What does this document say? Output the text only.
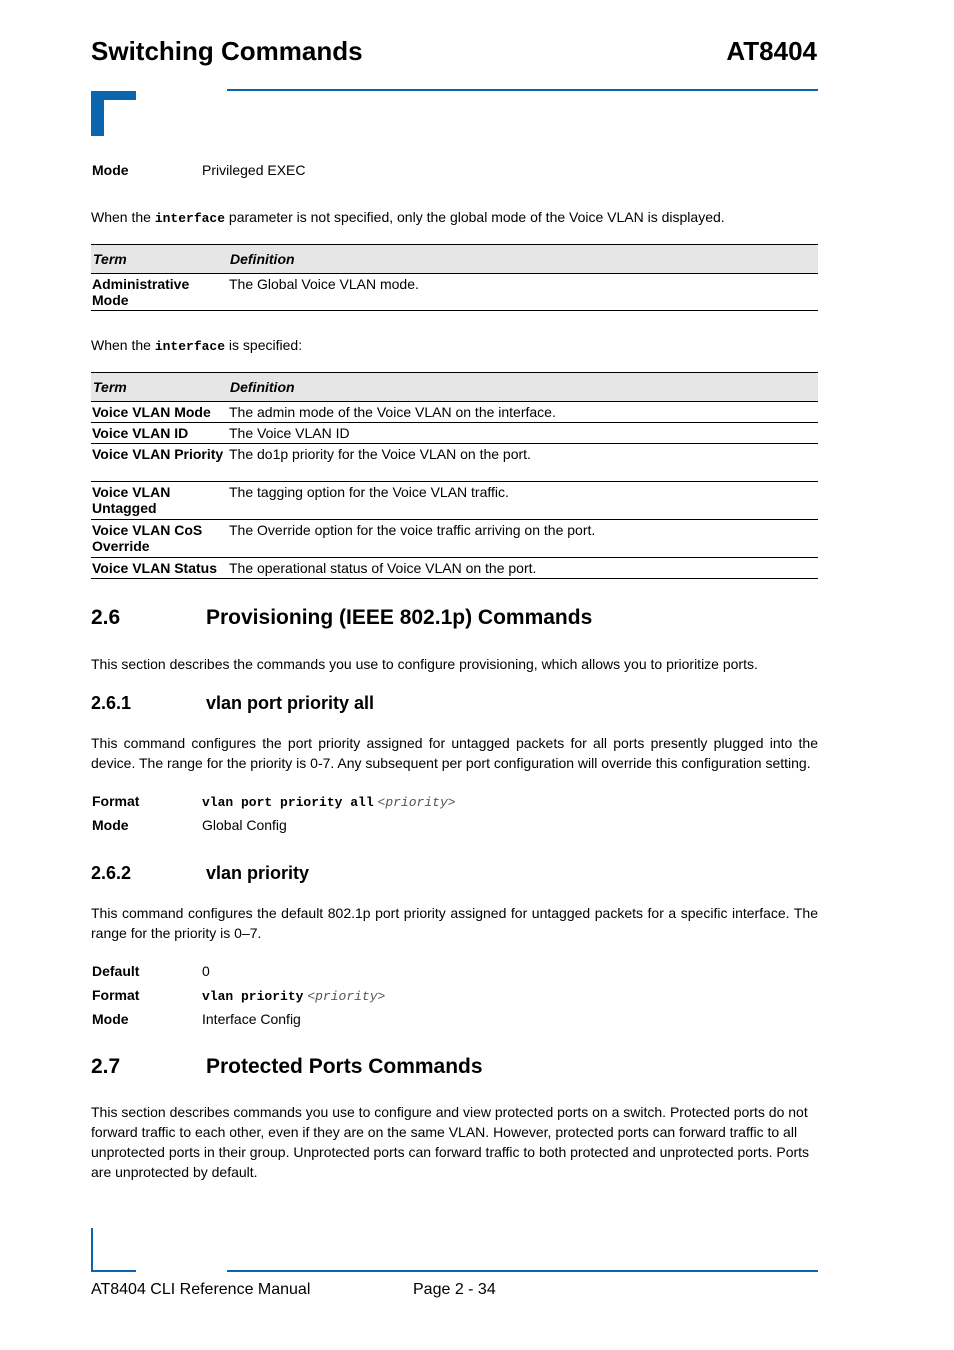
Switching Commands	AT8404
Mode	Privileged EXEC
When the interface parameter is not specified, only the global mode of the Voice VLAN is displayed.
Term	Definition
Administrative Mode	The Global Voice VLAN mode.
When the interface is specified:
Term	Definition
Voice VLAN Mode	The admin mode of the Voice VLAN on the interface.
Voice VLAN ID	The Voice VLAN ID
Voice VLAN Priority	The do1p priority for the Voice VLAN on the port.
Voice VLAN Untagged	The tagging option for the Voice VLAN traffic.
Voice VLAN CoS Override	The Override option for the voice traffic arriving on the port.
Voice VLAN Status	The operational status of Voice VLAN on the port.
2.6	Provisioning (IEEE 802.1p) Commands
This section describes the commands you use to configure provisioning, which allows you to prioritize ports.
2.6.1	vlan port priority all
This command configures the port priority assigned for untagged packets for all ports presently plugged into the device. The range for the priority is 0-7. Any subsequent per port configuration will override this configuration setting.
Format	vlan port priority all <priority>
Mode	Global Config
2.6.2	vlan priority
This command configures the default 802.1p port priority assigned for untagged packets for a specific interface. The range for the priority is 0–7.
Default	0
Format	vlan priority <priority>
Mode	Interface Config
2.7	Protected Ports Commands
This section describes commands you use to configure and view protected ports on a switch. Protected ports do not forward traffic to each other, even if they are on the same VLAN. However, protected ports can forward traffic to all unprotected ports in their group. Unprotected ports can forward traffic to both protected and unprotected ports. Ports are unprotected by default.
AT8404 CLI Reference Manual	Page 2 - 34
